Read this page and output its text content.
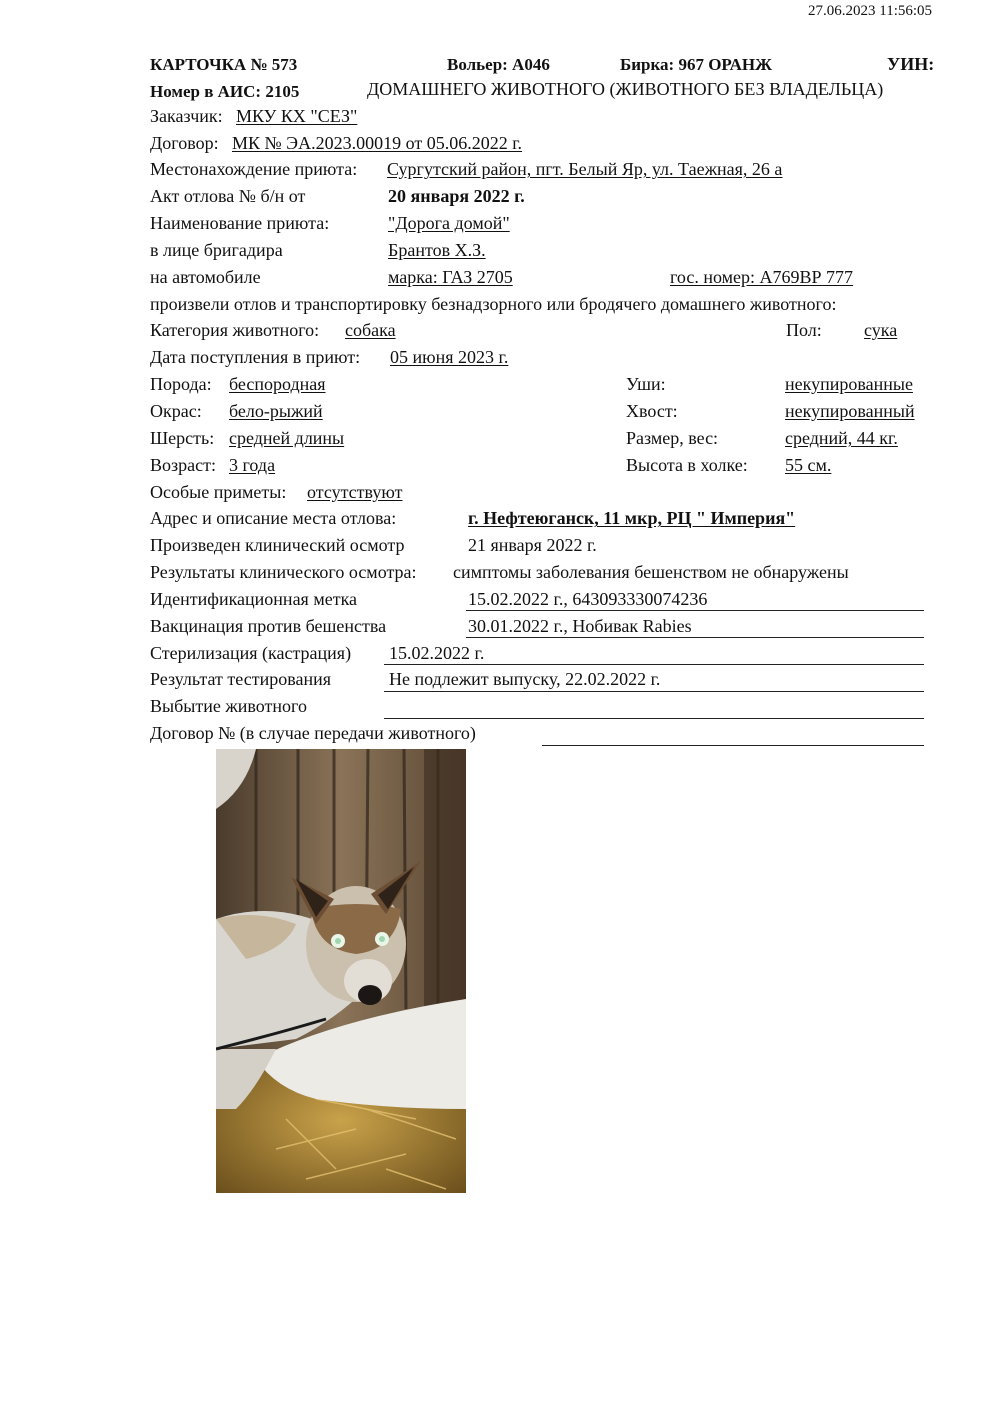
27.06.2023 11:56:05
КАРТОЧКА № 573	Вольер: А046	Бирка: 967 ОРАНЖ	УИН:
Номер в АИС: 2105	ДОМАШНЕГО ЖИВОТНОГО (ЖИВОТНОГО БЕЗ ВЛАДЕЛЬЦА)
Заказчик: МКУ КХ "СЕЗ"
Договор: МК № ЭА.2023.00019 от 05.06.2022 г.
Местонахождение приюта: Сургутский район, пгт. Белый Яр, ул. Таежная, 26 а
Акт отлова № б/н от	20 января 2022 г.
Наименование приюта:	"Дорога домой"
в лице бригадира	Брантов Х.З.
на автомобиле	марка: ГАЗ 2705	гос. номер: А769ВР 777
произвели отлов и транспортировку безнадзорного или бродячего домашнего животного:
Категория животного: собака	Пол: сука
Дата поступления в приют: 05 июня 2023 г.
Порода: беспородная	Уши:	некупированные
Окрас: бело-рыжий	Хвост:	некупированный
Шерсть: средней длины	Размер, вес:	средний, 44 кг.
Возраст: 3 года	Высота в холке: 55 см.
Особые приметы: отсутствуют
Адрес и описание места отлова:	г. Нефтеюганск, 11 мкр, РЦ " Империя"
Произведен клинический осмотр	21 января 2022 г.
Результаты клинического осмотра: симптомы заболевания бешенством не обнаружены
Идентификационная метка	15.02.2022 г., 643093330074236
Вакцинация против бешенства	30.01.2022 г., Нобивак Rabies
Стерилизация (кастрация) 15.02.2022 г.
Результат тестирования	Не подлежит выпуску, 22.02.2022 г.
Выбытие животного
Договор № (в случае передачи животного)
